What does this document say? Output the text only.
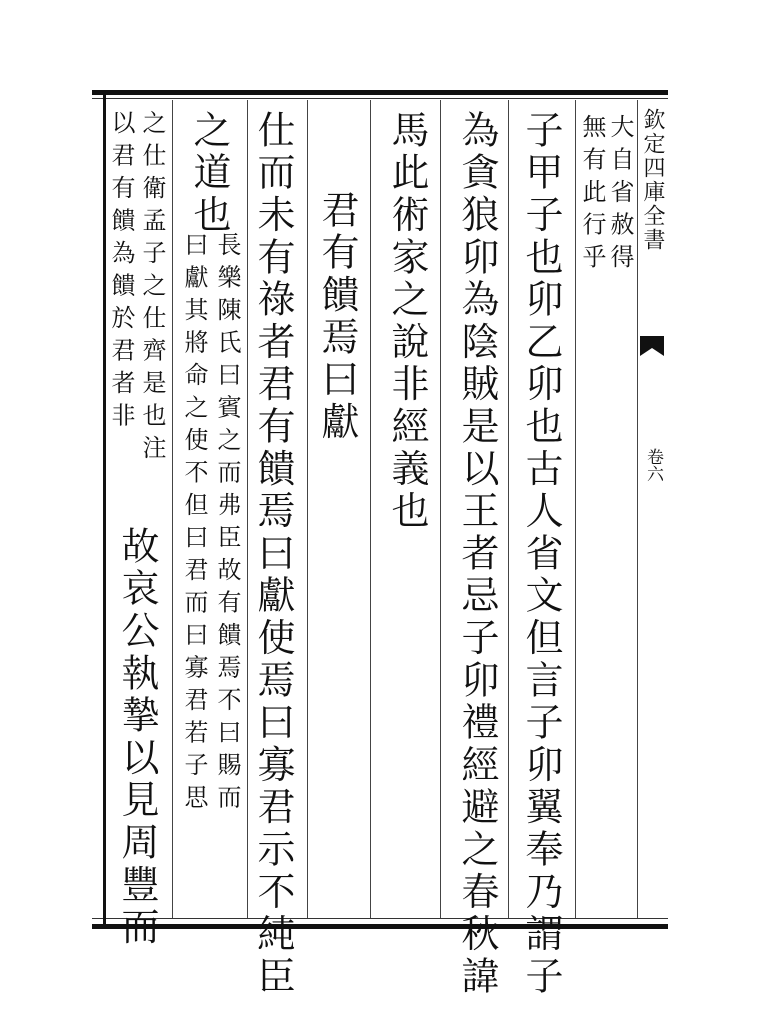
欽定四庫全書
卷六
大自省赦得
無有此行乎
子甲子也卯乙卯也古人省文但言子卯翼奉乃謂子
為貪狼卯為陰賊是以王者忌子卯禮經避之春秋諱
馬此術家之說非經義也
君有饋焉曰獻
仕而未有祿者君有饋焉曰獻使焉曰寡君示不純臣
之道也
長樂陳氏曰賓之而弗臣故有饋焉不曰賜而
曰獻其將命之使不但曰君而曰寡君若子思
之仕衛孟子之仕齊是也注
以君有饋為饋於君者非
故哀公執摯以見周豐而
